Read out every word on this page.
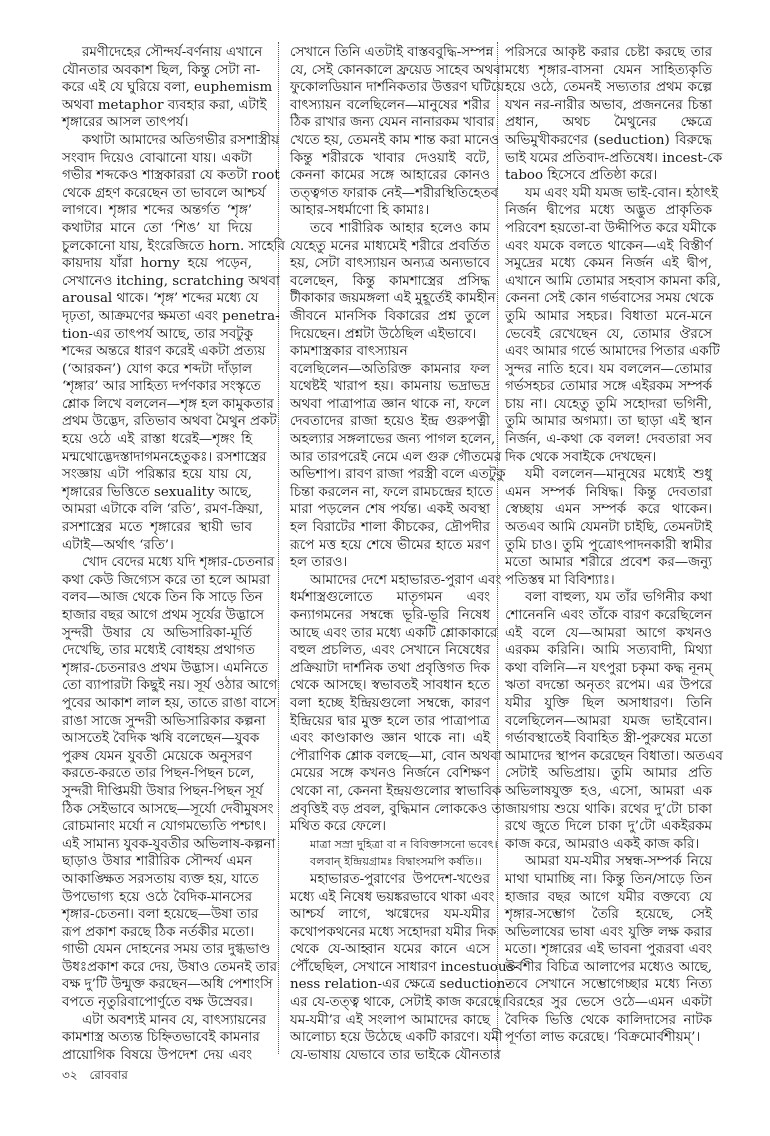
রমণীদেহের সৌন্দর্য-বর্ণনায় এখানে
যৌনতার অবকাশ ছিল, কিন্তু সেটা না-
করে এই যে ঘুরিয়ে বলা, euphemism
অথবা metaphor ব্যবহার করা, এটাই
শৃঙ্গারের আসল তাৎপর্য।
কথাটা আমাদের অতিগভীর রসশাস্ত্রীয়
সংবাদ দিয়েও বোঝানো যায়। একটা
গভীর শব্দকেও শাস্ত্রকাররা যে কতটা root
থেকে গ্রহণ করেছেন তা ভাবলে আশ্চর্য
লাগবে। শৃঙ্গার শব্দের অন্তর্গত ‘শৃঙ্গ’
কথাটার মানে তো ‘শিঙ’ যা দিয়ে
চুলকোনো যায়, ইংরেজিতে horn. সাহেবি
কায়দায় যাঁরা horny হয়ে পড়েন,
সেখানেও itching, scratching অথবা
arousal থাকে। ‘শৃঙ্গ’ শব্দের মধ্যে যে
দৃঢ়তা, আক্রমণের ক্ষমতা এবং penetra-
tion-এর তাৎপর্য আছে, তার সবটুকু
শব্দের অন্তরে ধারণ করেই একটা প্রত্যয়
(‘আরকন’) যোগ করে শব্দটা দাঁড়াল
‘শৃঙ্গার’ আর সাহিত্য দর্পণকার সংস্কৃতে
শ্লোক লিখে বললেন—শৃঙ্গ হল কামুকতার
প্রথম উদ্ভেদ, রতিভাব অথবা মৈথুন প্রকট
হয়ে ওঠে এই রাস্তা ধরেই—শৃঙ্গং হি
মন্মথোদ্ভেদস্তাদাগমনহেতুকঃ। রসশাস্ত্রের
সংজ্ঞায় এটা পরিষ্কার হয়ে যায় যে,
শৃঙ্গারের ভিত্তিতে sexuality আছে,
আমরা এটাকে বলি ‘রতি’, রমণ-ক্রিয়া,
রসশাস্ত্রের মতে শৃঙ্গারের স্থায়ী ভাব
এটাই—অর্থাৎ ‘রতি’।
খোদ বেদের মধ্যে যদি শৃঙ্গার-চেতনার
কথা কেউ জিগ্যেস করে তা হলে আমরা
বলব—আজ থেকে তিন কি সাড়ে তিন
হাজার বছর আগে প্রথম সূর্যের উদ্ভাসে
সুন্দরী উষার যে অভিসারিকা-মূর্তি
দেখেছি, তার মধ্যেই বোধহয় প্রথাগত
শৃঙ্গার-চেতনারও প্রথম উদ্ভাস। এমনিতে
তো ব্যাপারটা কিছুই নয়। সূর্য ওঠার আগে
পুবের আকাশ লাল হয়, তাতে রাঙা বাসে
রাঙা সাজে সুন্দরী অভিসারিকার কল্পনা
আসতেই বৈদিক ঋষি বলেছেন—যুবক
পুরুষ যেমন যুবতী মেয়েকে অনুসরণ
করতে-করতে তার পিছন-পিছন চলে,
সুন্দরী দীপ্তিময়ী উষার পিছন-পিছন সূর্য
ঠিক সেইভাবে আসছে—সূর্যো দেবীমুষসং
রোচমানাং মর্যো ন যোগমভ্যেতি পশ্চাৎ।
এই সামান্য যুবক-যুবতীর অভিলাষ-কল্পনা
ছাড়াও উষার শারীরিক সৌন্দর্য এমন
আকাঙ্ক্ষিত সরসতায় ব্যক্ত হয়, যাতে
উপভোগ্য হয়ে ওঠে বৈদিক-মানসের
শৃঙ্গার-চেতনা। বলা হয়েছে—উষা তার
রূপ প্রকাশ করছে ঠিক নর্তকীর মতো।
গাভী যেমন দোহনের সময় তার দুগ্ধভাণ্ড
উধঃপ্রকাশ করে দেয়, উষাও তেমনই তার
বক্ষ দু’টি উন্মুক্ত করছেন—অধি পেশাংসি
বপতে নৃতুরিবাপোর্ণুতে বক্ষ উস্রেবর।
এটা অবশ্যই মানব যে, বাৎস্যায়নের
কামশাস্ত্র অত্যন্ত চিহ্নিতভাবেই কামনার
প্রায়োগিক বিষয়ে উপদেশ দেয় এবং
সেখানে তিনি এতটাই বাস্তববুদ্ধি-সম্পন্ন
যে, সেই কোনকালে ফ্রয়েড সাহেব অথবা
ফুকোলডিয়ান দার্শনিকতার উত্তরণ ঘটিয়ে
বাৎস্যায়ন বলেছিলেন—মানুষের শরীর
ঠিক রাখার জন্য যেমন নানারকম খাবার
খেতে হয়, তেমনই কাম শান্ত করা মানেও
কিন্তু শরীরকে খাবার দেওয়াই বটে,
কেননা কামের সঙ্গে আহারের কোনও
তত্ত্বগত ফারাক নেই—শরীরস্থিতিহেতব
আহার-সধর্মাণো হি কামাঃ।
তবে শারীরিক আহার হলেও কাম
যেহেতু মনের মাধ্যমেই শরীরে প্রবর্তিত
হয়, সেটা বাৎস্যায়ন অন্যত্র অন্যভাবে
বলেছেন, কিন্তু কামশাস্ত্রের প্রসিদ্ধ
টীকাকার জয়মঙ্গলা এই মুহূর্তেই কামহীন
জীবনে মানসিক বিকারের প্রশ্ন তুলে
দিয়েছেন। প্রশ্নটা উঠেছিল এইভাবে।
কামশাস্ত্রকার বাৎস্যায়ন
বলেছিলেন—অতিরিক্ত কামনার ফল
যথেষ্টই খারাপ হয়। কামনায় ভদ্রাভদ্র
অথবা পাত্রাপাত্র জ্ঞান থাকে না, ফলে
দেবতাদের রাজা হয়েও ইন্দ্র গুরুপত্নী
অহল্যার সঙ্গলাভের জন্য পাগল হলেন,
আর তারপরেই নেমে এল গুরু গৌতমের
অভিশাপ। রাবণ রাজা পরস্ত্রী বলে এতটুকু
চিন্তা করলেন না, ফলে রামচন্দ্রের হাতে
মারা পড়লেন শেষ পর্যন্ত। একই অবস্থা
হল বিরাটের শালা কীচকের, দ্রৌপদীর
রূপে মত্ত হয়ে শেষে ভীমের হাতে মরণ
হল তারও।
আমাদের দেশে মহাভারত-পুরাণ এবং
ধর্মশাস্ত্রগুলোতে মাতৃগমন এবং
কন্যাগমনের সম্বন্ধে ভূরি-ভূরি নিষেধ
আছে এবং তার মধ্যে একটি শ্লোকাকারে
বহুল প্রচলিত, এবং সেখানে নিষেধের
প্রক্রিয়াটা দার্শনিক তথা প্রবৃত্তিগত দিক
থেকে আসছে। স্বভাবতই সাবধান হতে
বলা হচ্ছে ইন্দ্রিয়গুলো সম্বন্ধে, কারণ
ইন্দ্রিয়ের দ্বার মুক্ত হলে তার পাত্রাপাত্র
এবং কাণ্ডাকাণ্ড জ্ঞান থাকে না। এই
পৌরাণিক শ্লোক বলছে—মা, বোন অথবা
মেয়ের সঙ্গে কখনও নির্জনে বেশিক্ষণ
থেকো না, কেননা ইন্দ্রয়গুলোর স্বাভাবিক
প্রবৃত্তিই বড় প্রবল, বুদ্ধিমান লোককেও তা
মথিত করে ফেলে।
মাত্রা সস্রা দুহিত্রা বা ন বিবিক্তাসনো ভবেৎ।
বলবান্ ইন্দ্রিয়গ্রামঃ বিদ্বাংসমপি কর্ষতি।।
মহাভারত-পুরাণের উপদেশ-খণ্ডের
মধ্যে এই নিষেধ ভয়ঙ্করভাবে থাকা এবং
আশ্চর্য লাগে, ঋগ্বেদের যম-যমীর
কথোপকথনের মধ্যে সহোদরা যমীর দিক
থেকে যে-আহ্বান যমের কানে এসে
পৌঁছেছিল, সেখানে সাধারণ incestuous-
ness relation-এর ক্ষেত্রে seduction-
এর যে-তত্ত্ব থাকে, সেটাই কাজ করেছে।
যম-যমী’র এই সংলাপ আমাদের কাছে
আলোচ্য হয়ে উঠেছে একটি কারণে। যমী
যে-ভাষায় যেভাবে তার ভাইকে যৌনতার
পরিসরে আকৃষ্ট করার চেষ্টা করছে তার
মধ্যে শৃঙ্গার-বাসনা যেমন সাহিত্যকৃতি
হয়ে ওঠে, তেমনই সভ্যতার প্রথম কল্পে
যখন নর-নারীর অভাব, প্রজননের চিন্তা
প্রধান, অথচ মৈথুনের ক্ষেত্রে
অভিমুখীকরণের (seduction) বিরুদ্ধে
ভাই যমের প্রতিবাদ-প্রতিষেধ। incest-কে
taboo হিসেবে প্রতিষ্ঠা করে।
যম এবং যমী যমজ ভাই-বোন। হঠাৎই
নির্জন দ্বীপের মধ্যে অদ্ভুত প্রাকৃতিক
পরিবেশ হয়তো-বা উদ্দীপিত করে যমীকে
এবং যমকে বলতে থাকেন—এই বিস্তীর্ণ
সমুদ্রের মধ্যে কেমন নির্জন এই দ্বীপ,
এখানে আমি তোমার সহবাস কামনা করি,
কেননা সেই কোন গর্ভবাসের সময় থেকে
তুমি আমার সহচর। বিধাতা মনে-মনে
ভেবেই রেখেছেন যে, তোমার ঔরসে
এবং আমার গর্ভে আমাদের পিতার একটি
সুন্দর নাতি হবে। যম বললেন—তোমার
গর্ভসহচর তোমার সঙ্গে এইরকম সম্পর্ক
চায় না। যেহেতু তুমি সহোদরা ভগিনী,
তুমি আমার অগম্যা। তা ছাড়া এই স্থান
নির্জন, এ-কথা কে বলল! দেবতারা সব
দিক থেকে সবাইকে দেখছেন।
যমী বললেন—মানুষের মধ্যেই শুধু
এমন সম্পর্ক নিষিদ্ধ। কিন্তু দেবতারা
স্বেচ্ছায় এমন সম্পর্ক করে থাকেন।
অতএব আমি যেমনটা চাইছি, তেমনটাই
তুমি চাও। তুমি পুত্রোৎপাদনকারী স্বামীর
মতো আমার শরীরে প্রবেশ কর—জন্যু
পতিস্তন্ব মা বিবিশ্যাঃ।
বলা বাহুল্য, যম তাঁর ভগিনীর কথা
শোনেননি এবং তাঁকে বারণ করেছিলেন
এই বলে যে—আমরা আগে কখনও
এরকম করিনি। আমি সত্যবাদী, মিথ্যা
কথা বলিনি—ন যৎপুরা চকৃমা কদ্ধ নূনম্
ঋতা বদন্তো অনৃতং রপেম। এর উপরে
যমীর যুক্তি ছিল অসাধারণ। তিনি
বলেছিলেন—আমরা যমজ ভাইবোন।
গর্ভাবস্থাতেই বিবাহিত স্ত্রী-পুরুষের মতো
আমাদের স্থাপন করেছেন বিধাতা। অতএব
সেটাই অভিপ্রায়। তুমি আমার প্রতি
অভিলাষযুক্ত হও, এসো, আমরা এক
জায়গায় শুয়ে থাকি। রথের দু’টো চাকা
রথে জুতে দিলে চাকা দু’টো একইরকম
কাজ করে, আমরাও একই কাজ করি।
আমরা যম-যমীর সম্বন্ধ-সম্পর্ক নিয়ে
মাথা ঘামাচ্ছি না। কিন্তু তিন/সাড়ে তিন
হাজার বছর আগে যমীর বক্তব্যে যে
শৃঙ্গার-সম্ভোগ তৈরি হয়েছে, সেই
অভিলাষের ভাষা এবং যুক্তি লক্ষ করার
মতো। শৃঙ্গারের এই ভাবনা পুরূরবা এবং
উর্বশীর বিচিত্র আলাপের মধ্যেও আছে,
তবে সেখানে সম্ভোগেচ্ছার মধ্যে নিত্য
বিরহের সুর ভেসে ওঠে—এমন একটা
বৈদিক ভিত্তি থেকে কালিদাসের নাটক
পূর্ণতা লাভ করেছে। ‘বিক্রমোর্বশীয়ম্’।
৩২ রোববার
